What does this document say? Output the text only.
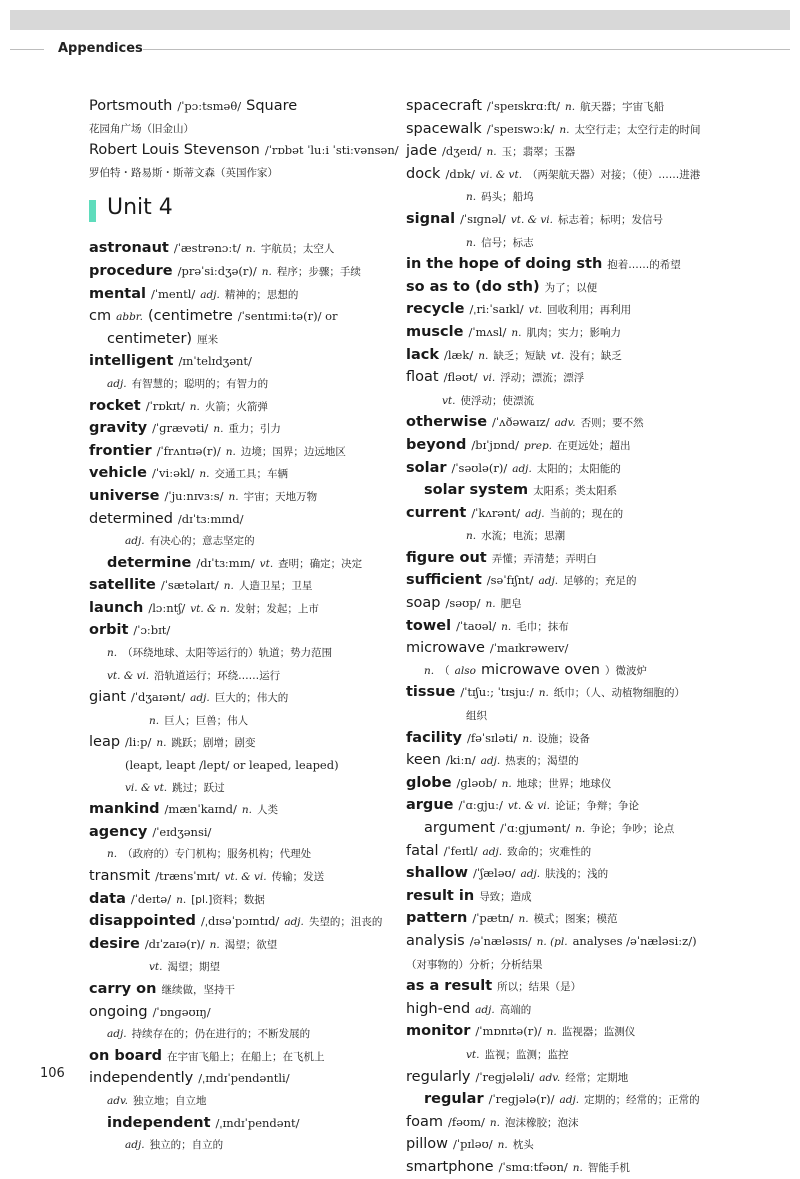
Appendices
Portsmouth /ˈpɔːtsməθ/ Square
花园角广场（旧金山）
Robert Louis Stevenson /ˈrɒbət ˈluːi ˈstiːvənsən/
罗伯特・路易斯・斯蒂文森（英国作家）
Unit 4
astronaut /ˈæstrənɔːt/ n. 宇航员；太空人
procedure /prəˈsiːdʒə(r)/ n. 程序；步骤；手续
mental /ˈmentl/ adj. 精神的；思想的
cm abbr. (centimetre /ˈsentɪmiːtə(r)/ or
centimeter) 厘米
intelligent /ɪnˈtelɪdʒənt/
adj. 有智慧的；聪明的；有智力的
rocket /ˈrɒkɪt/ n. 火箭；火箭弹
gravity /ˈɡrævəti/ n. 重力；引力
frontier /ˈfrʌntɪə(r)/ n. 边境；国界；边远地区
vehicle /ˈviːəkl/ n. 交通工具；车辆
universe /ˈjuːnɪvɜːs/ n. 宇宙；天地万物
determined /dɪˈtɜːmɪnd/
adj. 有决心的；意志坚定的
determine /dɪˈtɜːmɪn/ vt. 查明；确定；决定
satellite /ˈsætəlaɪt/ n. 人造卫星；卫星
launch /lɔːntʃ/ vt. & n. 发射；发起；上市
orbit /ˈɔːbɪt/
n. （环绕地球、太阳等运行的）轨道；势力范围
vt. & vi. 沿轨道运行；环绕……运行
giant /ˈdʒaɪənt/ adj. 巨大的；伟大的
n. 巨人；巨兽；伟人
leap /liːp/ n. 跳跃；剧增；剧变
(leapt, leapt /lept/ or leaped, leaped)
vi. & vt. 跳过；跃过
mankind /mænˈkaɪnd/ n. 人类
agency /ˈeɪdʒənsi/
n. （政府的）专门机构；服务机构；代理处
transmit /trænsˈmɪt/ vt. & vi. 传输；发送
data /ˈdeɪtə/ n. [pl.]资料；数据
disappointed /ˌdɪsəˈpɔɪntɪd/ adj. 失望的；沮丧的
desire /dɪˈzaɪə(r)/ n. 渴望；欲望
vt. 渴望；期望
carry on 继续做，坚持干
ongoing /ˈɒnɡəʊɪŋ/
adj. 持续存在的；仍在进行的；不断发展的
on board 在宇宙飞船上；在船上；在飞机上
independently /ˌɪndɪˈpendəntli/
adv. 独立地；自立地
independent /ˌɪndɪˈpendənt/
adj. 独立的；自立的
spacecraft /ˈspeɪskrɑːft/ n. 航天器；宇宙飞船
spacewalk /ˈspeɪswɔːk/ n. 太空行走；太空行走的时间
jade /dʒeɪd/ n. 玉；翡翠；玉器
dock /dɒk/ vi. & vt. （两架航天器）对接；（使）……进港
n. 码头；船坞
signal /ˈsɪɡnəl/ vt. & vi. 标志着；标明；发信号
n. 信号；标志
in the hope of doing sth 抱着……的希望
so as to (do sth) 为了；以便
recycle /ˌriːˈsaɪkl/ vt. 回收利用；再利用
muscle /ˈmʌsl/ n. 肌肉；实力；影响力
lack /læk/ n. 缺乏；短缺 vt. 没有；缺乏
float /fləʊt/ vi. 浮动；漂流；漂浮
vt. 使浮动；使漂流
otherwise /ˈʌðəwaɪz/ adv. 否则；要不然
beyond /bɪˈjɒnd/ prep. 在更远处；超出
solar /ˈsəʊlə(r)/ adj. 太阳的；太阳能的
solar system 太阳系；类太阳系
current /ˈkʌrənt/ adj. 当前的；现在的
n. 水流；电流；思潮
figure out 弄懂；弄清楚；弄明白
sufficient /səˈfɪʃnt/ adj. 足够的；充足的
soap /səʊp/ n. 肥皂
towel /ˈtaʊəl/ n. 毛巾；抹布
microwave /ˈmaɪkrəweɪv/
n. （ also microwave oven ）微波炉
tissue /ˈtɪʃuː; ˈtɪsjuː/ n. 纸巾；（人、动植物细胞的）
组织
facility /fəˈsɪləti/ n. 设施；设备
keen /kiːn/ adj. 热衷的；渴望的
globe /ɡləʊb/ n. 地球；世界；地球仪
argue /ˈɑːɡjuː/ vt. & vi. 论证；争辩；争论
argument /ˈɑːɡjumənt/ n. 争论；争吵；论点
fatal /ˈfeɪtl/ adj. 致命的；灾难性的
shallow /ˈʃæləʊ/ adj. 肤浅的；浅的
result in 导致；造成
pattern /ˈpætn/ n. 模式；图案；模范
analysis /əˈnæləsɪs/ n. (pl. analyses /əˈnæləsiːz/)
（对事物的）分析；分析结果
as a result 所以；结果（是）
high-end adj. 高端的
monitor /ˈmɒnɪtə(r)/ n. 监视器；监测仪
vt. 监视；监测；监控
regularly /ˈreɡjələli/ adv. 经常；定期地
regular /ˈreɡjələ(r)/ adj. 定期的；经常的；正常的
foam /fəʊm/ n. 泡沫橡胶；泡沫
pillow /ˈpɪləʊ/ n. 枕头
smartphone /ˈsmɑːtfəʊn/ n. 智能手机
106
